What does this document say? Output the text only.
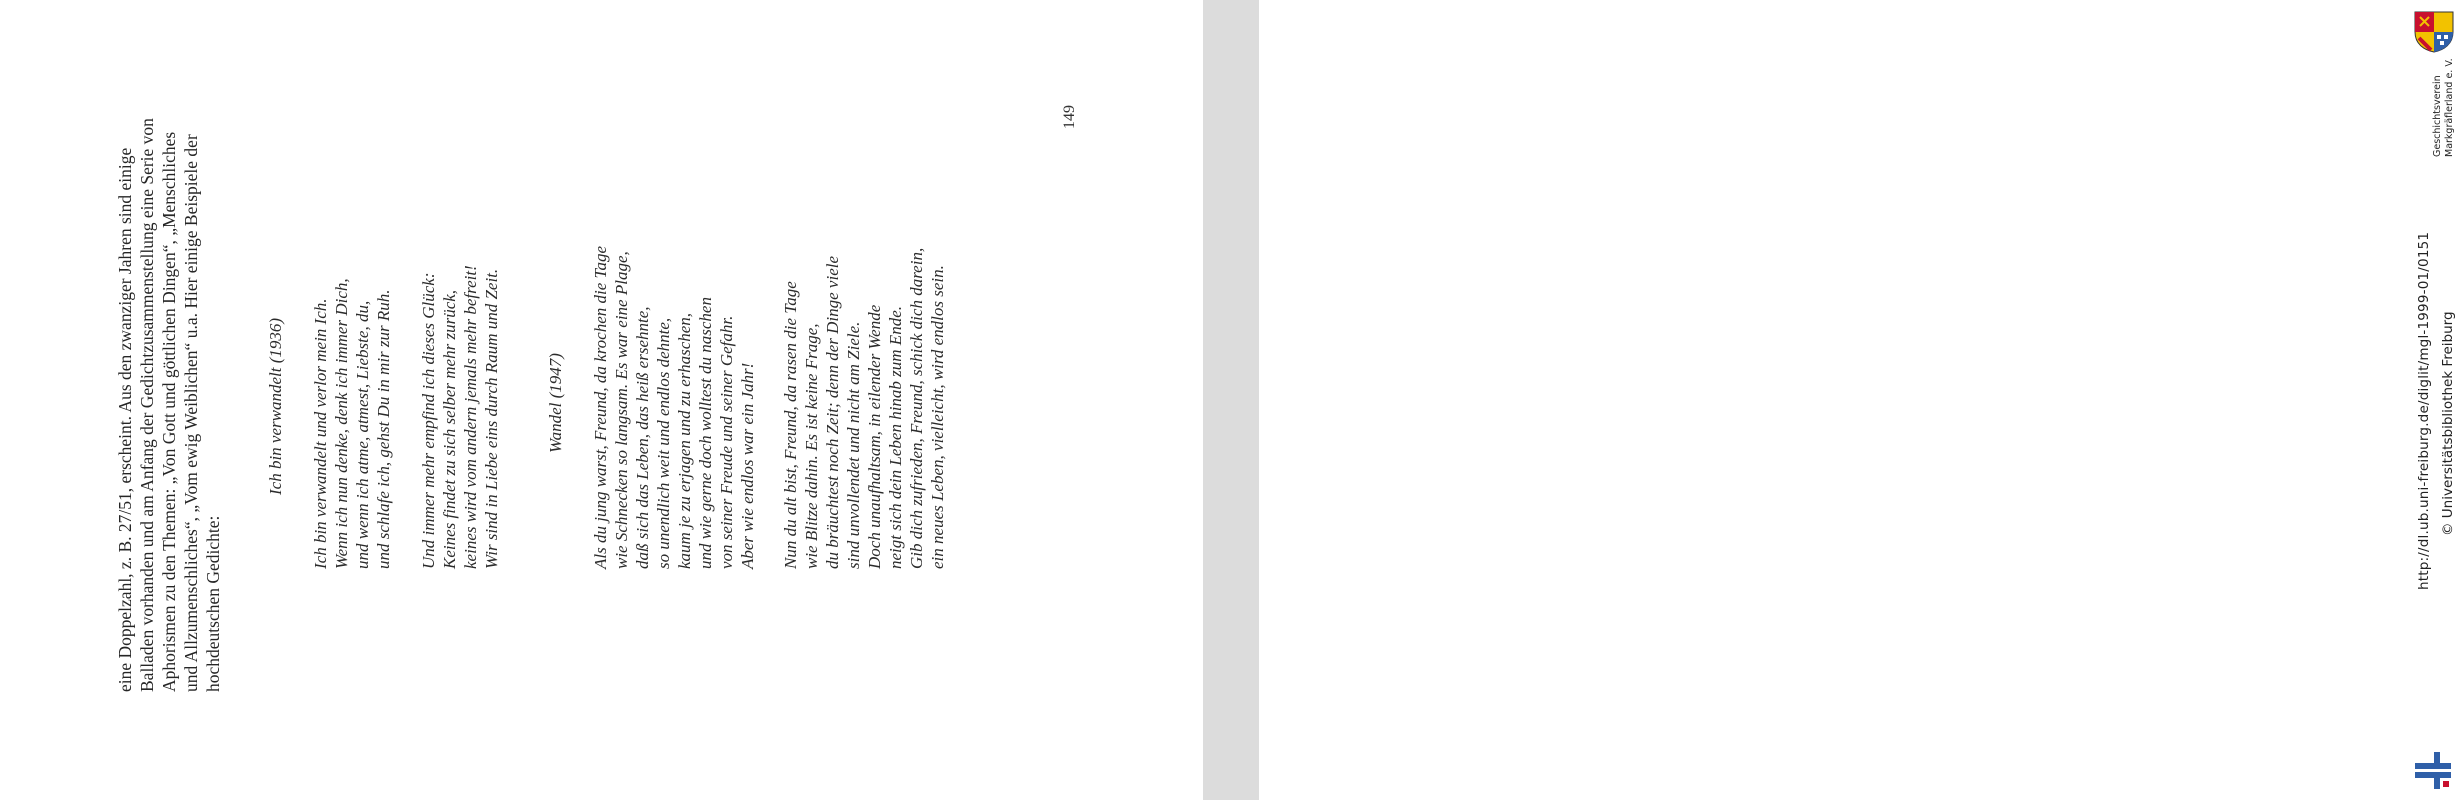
eine Doppelzahl, z. B. 27/51, erscheint. Aus den zwanziger Jahren sind einige Balladen vorhanden und am Anfang der Gedichtzusammenstellung eine Serie von Aphorismen zu den Themen: „Von Gott und göttlichen Dingen“, „Menschliches und Allzumenschliches“, „Vom ewig Weiblichen“ u.a. Hier einige Beispiele der hochdeutschen Gedichte:
Ich bin verwandelt (1936) Ich bin verwandelt und verlor mein Ich. Wenn ich nun denke, denk ich immer Dich, und wenn ich atme, atmest, Liebste, du, und schlafe ich, gehst Du in mir zur Ruh. Und immer mehr empfind ich dieses Glück: Keines findet zu sich selber mehr zurück, keines wird vom andern jemals mehr befreit! Wir sind in Liebe eins durch Raum und Zeit.	Wandel (1947) Als du jung warst, Freund, da krochen die Tage wie Schnecken so langsam. Es war eine Plage, daß sich das Leben, das heiß ersehnte, so unendlich weit und endlos dehnte, kaum je zu erjagen und zu erhaschen, und wie gerne doch wolltest du naschen von seiner Freude und seiner Gefahr. Aber wie endlos war ein Jahr! Nun du alt bist, Freund, da rasen die Tage wie Blitze dahin. Es ist keine Frage, du bräuchtest noch Zeit; denn der Dinge viele sind unvollendet und nicht am Ziele. Doch unaufhaltsam, in eilender Wende neigt sich dein Leben hinab zum Ende. Gib dich zufrieden, Freund, schick dich darein, ein neues Leben, vielleicht, wird endlos sein.
149	Geschichtsverein Markgräflerland e. V.
http://dl.ub.uni-freiburg.de/diglit/mgl-1999-01/0151 © Universitätsbibliothek Freiburg
